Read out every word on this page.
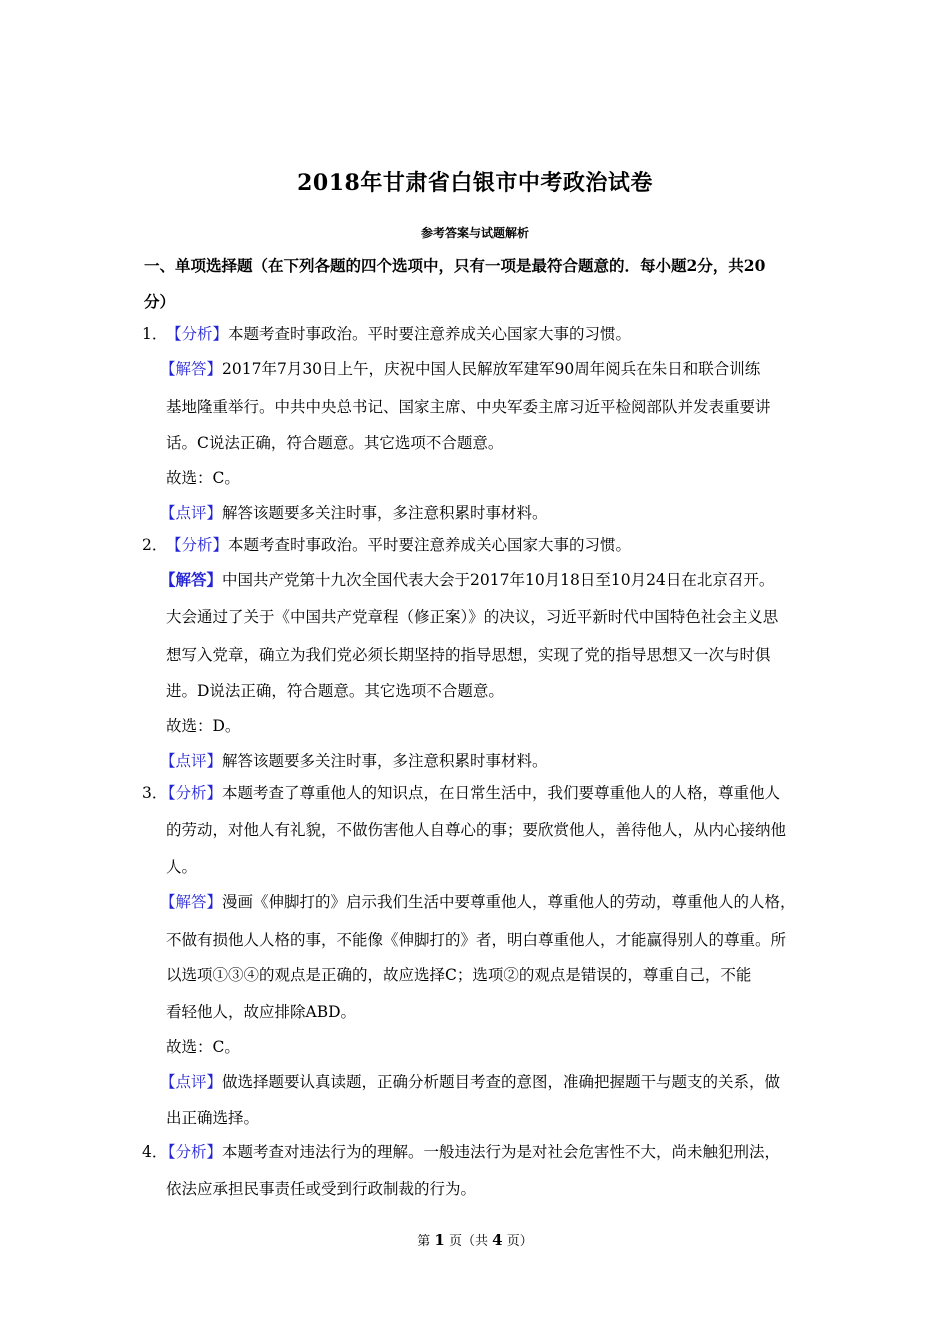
2018年甘肃省白银市中考政治试卷
参考答案与试题解析
一、单项选择题（在下列各题的四个选项中，只有一项是最符合题意的．每小题2分，共20
分）
1．
【分析】本题考查时事政治。平时要注意养成关心国家大事的习惯。
【解答】2017年7月30日上午，庆祝中国人民解放军建军90周年阅兵在朱日和联合训练
基地隆重举行。中共中央总书记、国家主席、中央军委主席习近平检阅部队并发表重要讲
话。C说法正确，符合题意。其它选项不合题意。
故选：C。
【点评】解答该题要多关注时事，多注意积累时事材料。
2．
【分析】本题考查时事政治。平时要注意养成关心国家大事的习惯。
【解答】中国共产党第十九次全国代表大会于2017年10月18日至10月24日在北京召开。
大会通过了关于《中国共产党章程（修正案）》的决议，习近平新时代中国特色社会主义思
想写入党章，确立为我们党必须长期坚持的指导思想，实现了党的指导思想又一次与时俱
进。D说法正确，符合题意。其它选项不合题意。
故选：D。
【点评】解答该题要多关注时事，多注意积累时事材料。
3．
【分析】本题考查了尊重他人的知识点，在日常生活中，我们要尊重他人的人格，尊重他人
的劳动，对他人有礼貌，不做伤害他人自尊心的事；要欣赏他人，善待他人，从内心接纳他
人。
【解答】漫画《伸脚打的》启示我们生活中要尊重他人，尊重他人的劳动，尊重他人的人格，
不做有损他人人格的事，不能像《伸脚打的》者，明白尊重他人，才能赢得别人的尊重。所
以选项①③④的观点是正确的，故应选择C；选项②的观点是错误的，尊重自己，不能
看轻他人，故应排除ABD。
故选：C。
【点评】做选择题要认真读题，正确分析题目考查的意图，准确把握题干与题支的关系，做
出正确选择。
4．
【分析】本题考查对违法行为的理解。一般违法行为是对社会危害性不大，尚未触犯刑法，
依法应承担民事责任或受到行政制裁的行为。
第 1 页（共 4 页）
